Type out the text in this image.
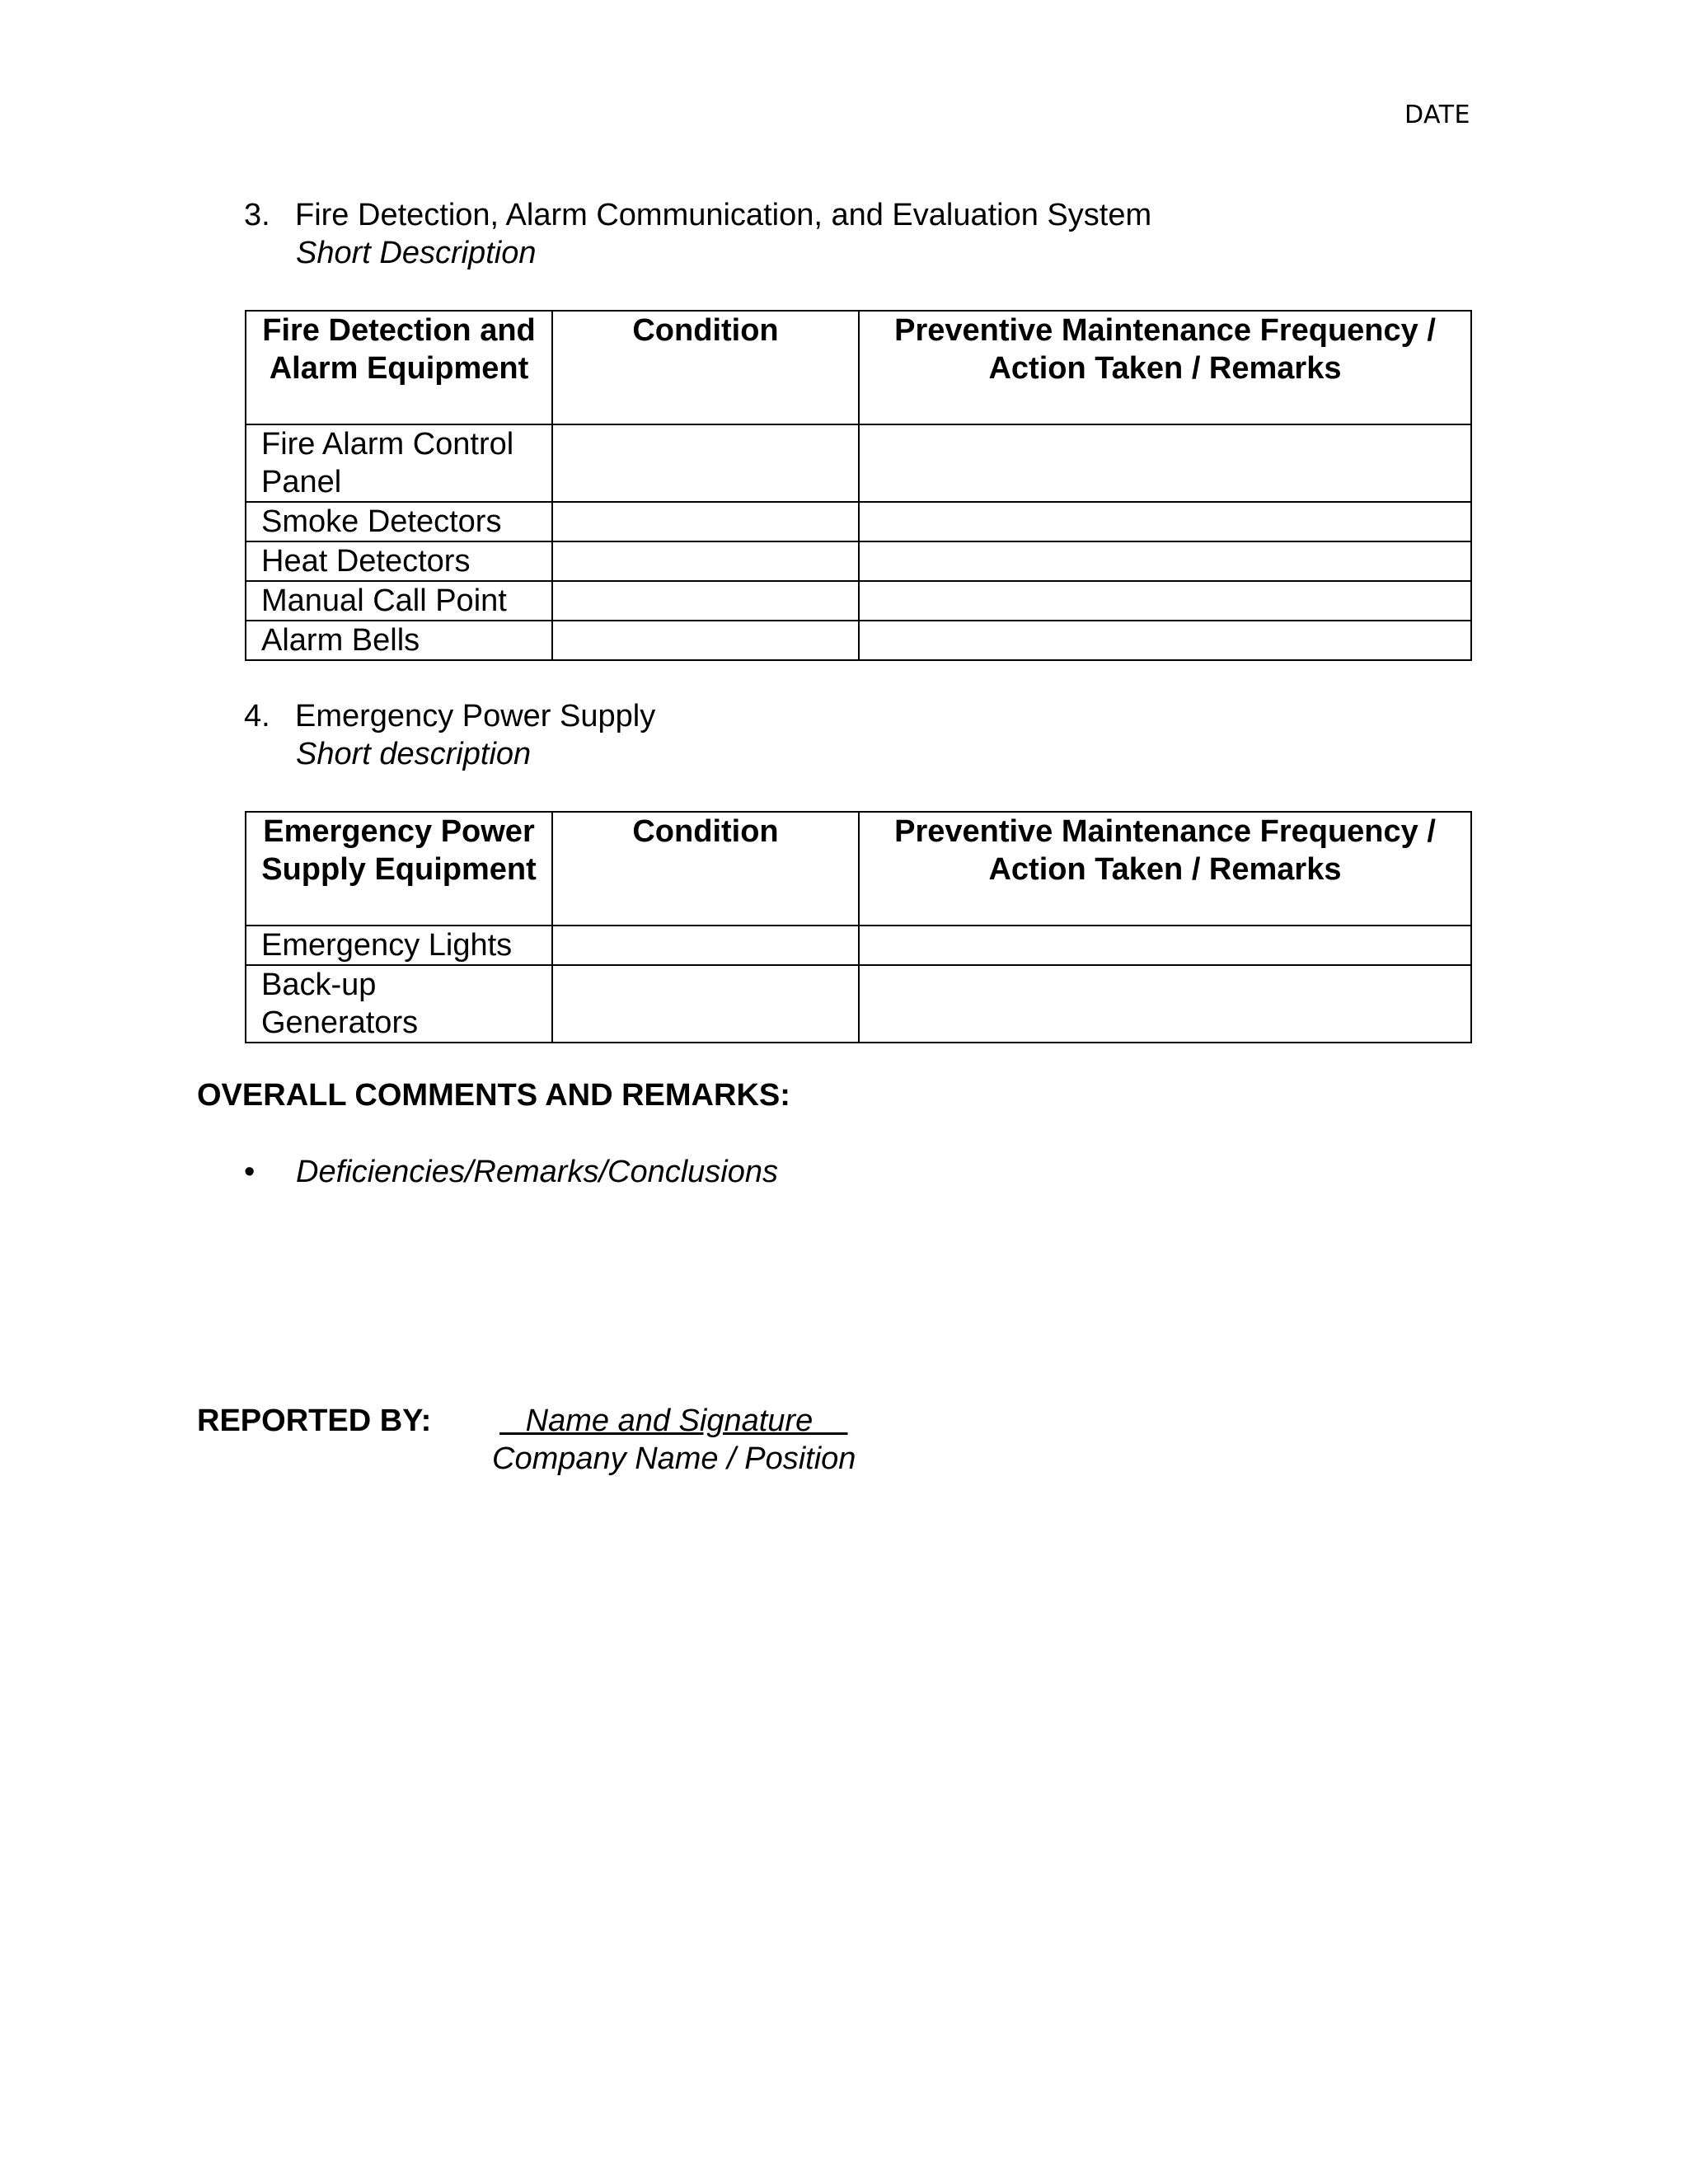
DATE
3. Fire Detection, Alarm Communication, and Evaluation System
Short Description
Fire Detection and Alarm Equipment	Condition	Preventive Maintenance Frequency / Action Taken / Remarks
Fire Alarm Control Panel		
Smoke Detectors		
Heat Detectors		
Manual Call Point		
Alarm Bells		
4. Emergency Power Supply
Short description
Emergency Power Supply Equipment	Condition	Preventive Maintenance Frequency / Action Taken / Remarks
Emergency Lights		
Back-up Generators		
OVERALL COMMENTS AND REMARKS:
• Deficiencies/Remarks/Conclusions
REPORTED BY: Name and Signature
Company Name / Position
